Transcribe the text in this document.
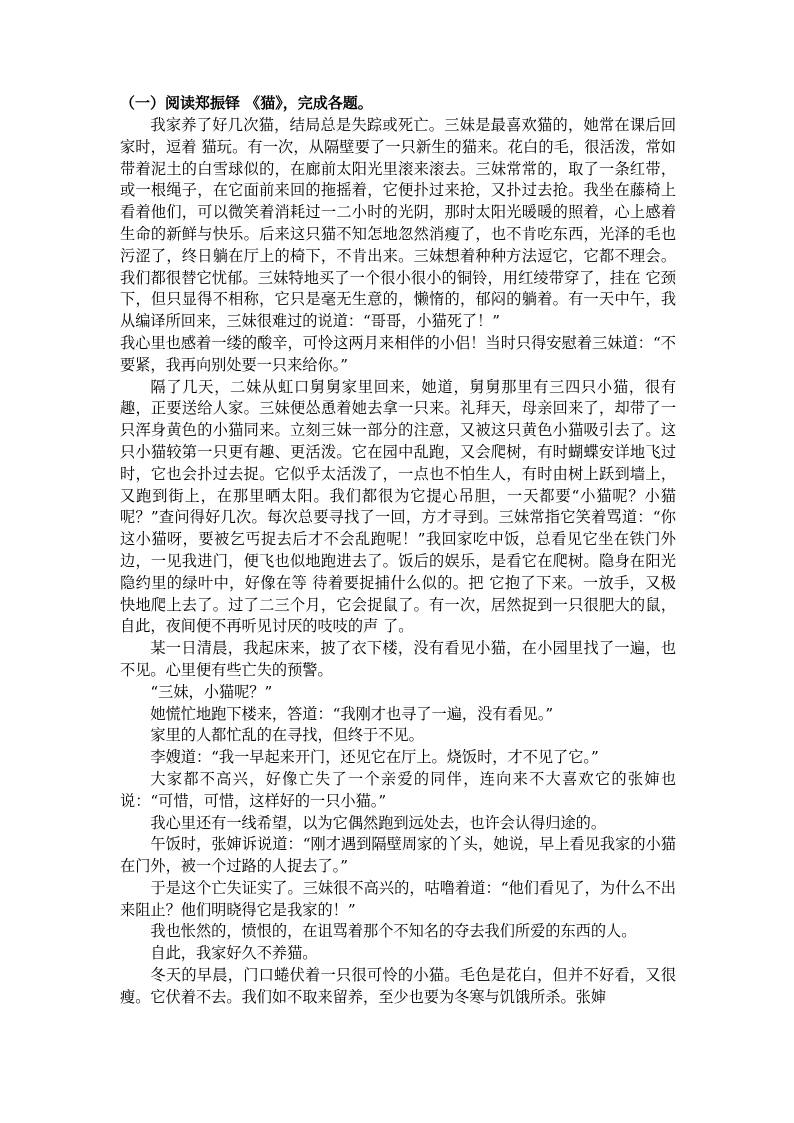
（一）阅读郑振铎 《猫》，完成各题。

我家养了好几次猫，结局总是失踪或死亡。三妹是最喜欢猫的，她常在课后回家时，逗着 猫玩。有一次，从隔壁要了一只新生的猫来。花白的毛，很活泼，常如带着泥土的白雪球似的，在廊前太阳光里滚来滚去。三妹常常的，取了一条红带，或一根绳子，在它面前来回的拖摇着，它便扑过来抢，又扑过去抢。我坐在藤椅上看着他们，可以微笑着消耗过一二小时的光阴，那时太阳光暖暖的照着，心上感着生命的新鲜与快乐。后来这只猫不知怎地忽然消瘦了，也不肯吃东西，光泽的毛也污涩了，终日躺在厅上的椅下，不肯出来。三妹想着种种方法逗它，它都不理会。我们都很替它忧郁。三妹特地买了一个很小很小的铜铃，用红绫带穿了，挂在 它颈下，但只显得不相称，它只是毫无生意的，懒惰的，郁闷的躺着。有一天中午，我从编译所回来，三妹很难过的说道：“哥哥，小猫死了！”

我心里也感着一缕的酸辛，可怜这两月来相伴的小侣！当时只得安慰着三妹道：“不要紧，我再向别处要一只来给你。”

隔了几天，二妹从虹口舅舅家里回来，她道，舅舅那里有三四只小猫，很有趣，正要送给人家。三妹便怂恿着她去拿一只来。礼拜天，母亲回来了，却带了一只浑身黄色的小猫同来。立刻三妹一部分的注意，又被这只黄色小猫吸引去了。这只小猫较第一只更有趣、更活泼。它在园中乱跑，又会爬树，有时蝴蝶安详地飞过时，它也会扑过去捉。它似乎太活泼了，一点也不怕生人，有时由树上跃到墙上，又跑到街上，在那里晒太阳。我们都很为它提心吊胆，一天都要“小猫呢？小猫呢？”查问得好几次。每次总要寻找了一回，方才寻到。三妹常指它笑着骂道：“你这小猫呀，要被乞丐捉去后才不会乱跑呢！”我回家吃中饭，总看见它坐在铁门外边，一见我进门，便飞也似地跑进去了。饭后的娱乐，是看它在爬树。隐身在阳光隐约里的绿叶中，好像在等 待着要捉捕什么似的。把 它抱了下来。一放手，又极快地爬上去了。过了二三个月，它会捉鼠了。有一次，居然捉到一只很肥大的鼠，自此，夜间便不再听见讨厌的吱吱的声 了。

某一日清晨，我起床来，披了衣下楼，没有看见小猫，在小园里找了一遍，也不见。心里便有些亡失的预警。

“三妹，小猫呢？”

她慌忙地跑下楼来，答道：“我刚才也寻了一遍，没有看见。”

家里的人都忙乱的在寻找，但终于不见。

李嫂道：“我一早起来开门，还见它在厅上。烧饭时，才不见了它。”

大家都不高兴，好像亡失了一个亲爱的同伴，连向来不大喜欢它的张婶也说：“可惜，可惜，这样好的一只小猫。”

我心里还有一线希望，以为它偶然跑到远处去，也许会认得归途的。

午饭时，张婶诉说道：“刚才遇到隔壁周家的丫头，她说，早上看见我家的小猫在门外，被一个过路的人捉去了。”

于是这个亡失证实了。三妹很不高兴的，咕噜着道：“他们看见了，为什么不出来阻止？他们明晓得它是我家的！”

我也怅然的，愤恨的，在诅骂着那个不知名的夺去我们所爱的东西的人。

自此，我家好久不养猫。

冬天的早晨，门口蜷伏着一只很可怜的小猫。毛色是花白，但并不好看，又很瘦。它伏着不去。我们如不取来留养，至少也要为冬寒与饥饿所杀。张婶
